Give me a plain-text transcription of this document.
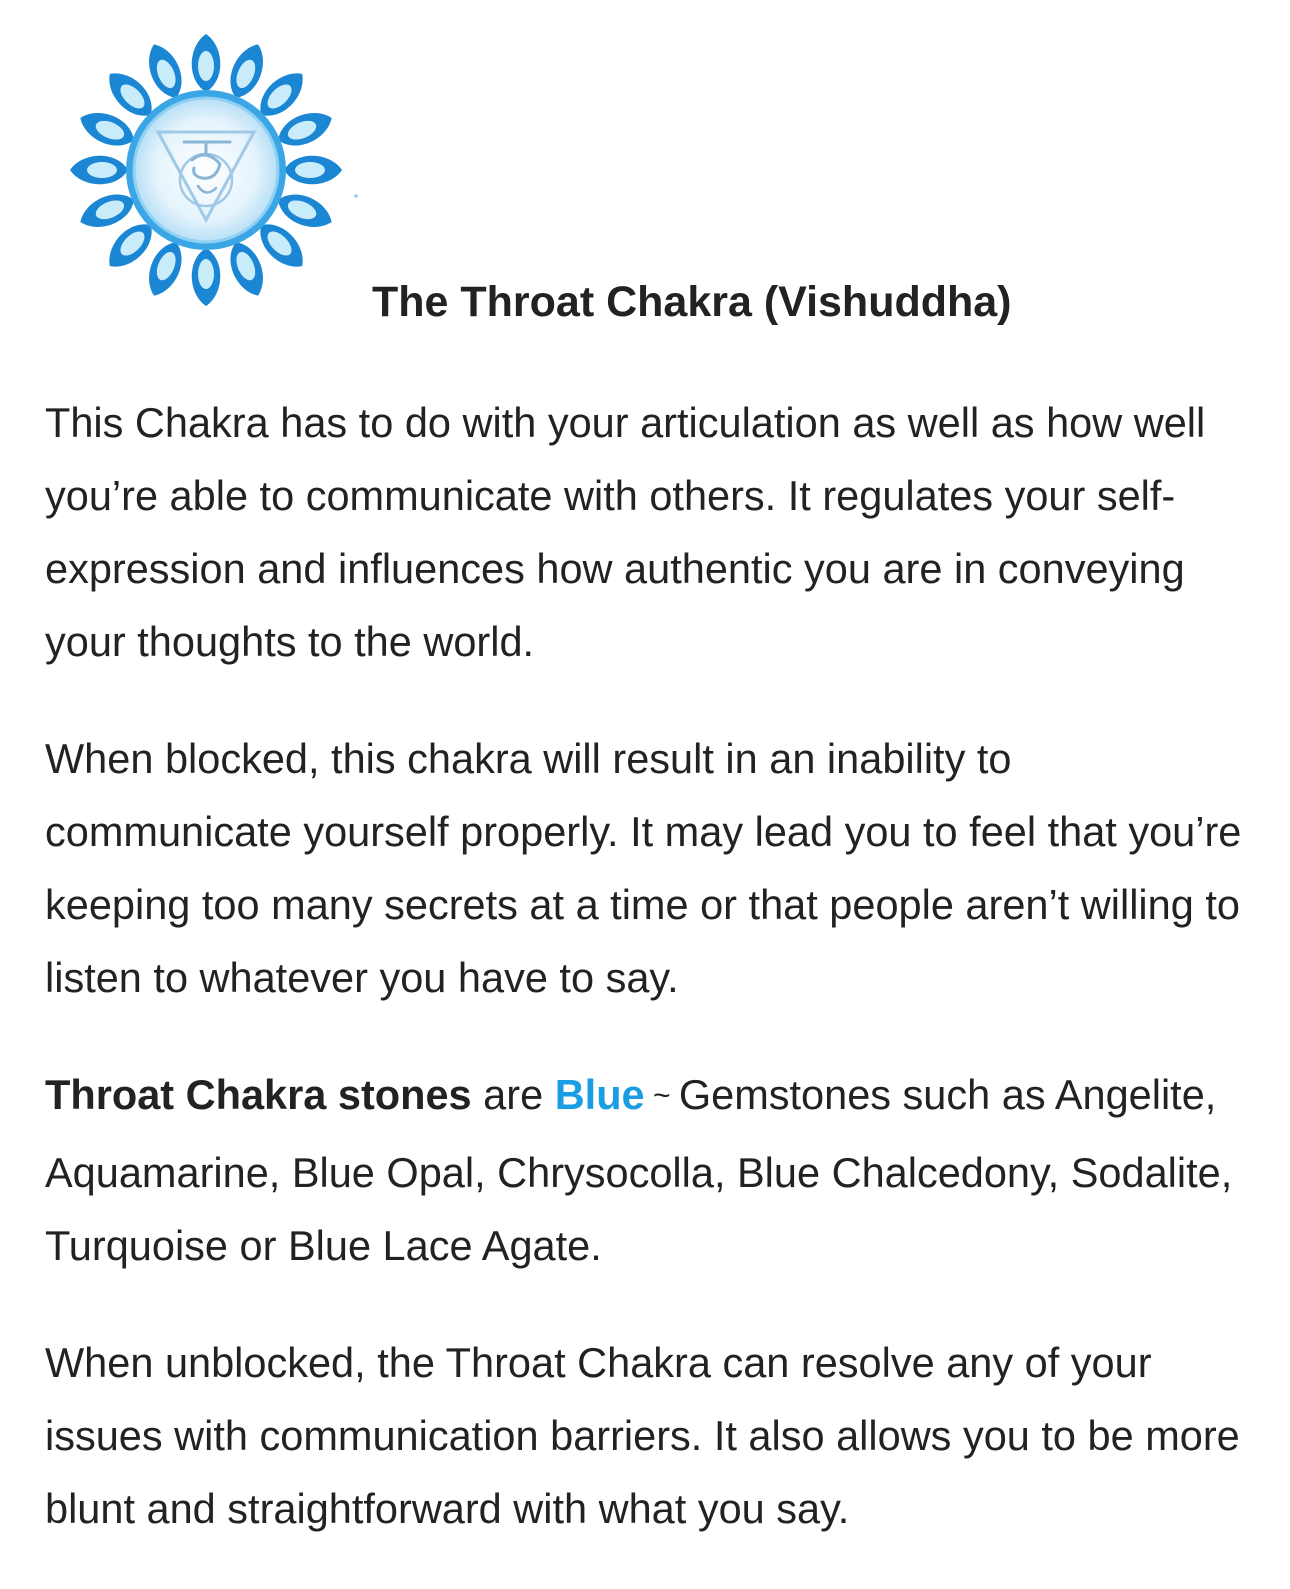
The Throat Chakra (Vishuddha)

This Chakra has to do with your articulation as well as how well you’re able to communicate with others. It regulates your self-expression and influences how authentic you are in conveying your thoughts to the world.

When blocked, this chakra will result in an inability to communicate yourself properly. It may lead you to feel that you’re keeping too many secrets at a time or that people aren’t willing to listen to whatever you have to say.

Throat Chakra stones are Blue ~ Gemstones such as Angelite, Aquamarine, Blue Opal, Chrysocolla, Blue Chalcedony, Sodalite, Turquoise or Blue Lace Agate.

When unblocked, the Throat Chakra can resolve any of your issues with communication barriers. It also allows you to be more blunt and straightforward with what you say.
